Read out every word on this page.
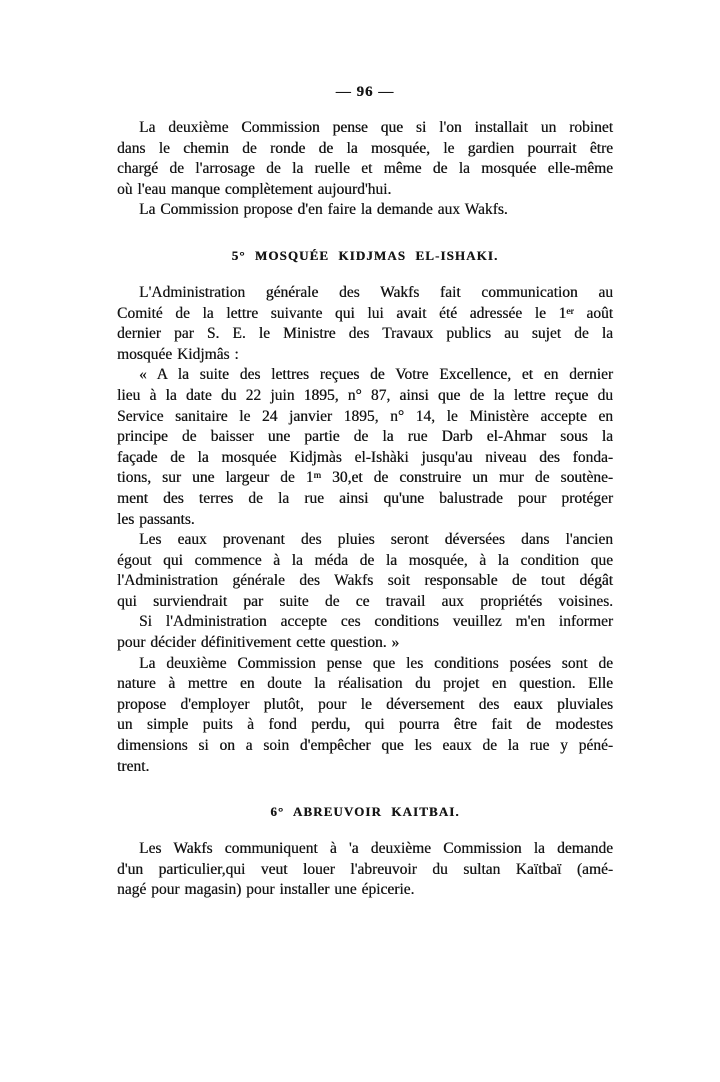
— 96 —
La deuxième Commission pense que si l'on installait un robinet
dans le chemin de ronde de la mosquée, le gardien pourrait être
chargé de l'arrosage de la ruelle et même de la mosquée elle-même
où l'eau manque complètement aujourd'hui.
La Commission propose d'en faire la demande aux Wakfs.
5° MOSQUÉE KIDJMAS EL-ISHAKI.
L'Administration générale des Wakfs fait communication au
Comité de la lettre suivante qui lui avait été adressée le 1er août
dernier par S. E. le Ministre des Travaux publics au sujet de la
mosquée Kidjmâs :
« A la suite des lettres reçues de Votre Excellence, et en dernier
lieu à la date du 22 juin 1895, n° 87, ainsi que de la lettre reçue du
Service sanitaire le 24 janvier 1895, n° 14, le Ministère accepte en
principe de baisser une partie de la rue Darb el-Ahmar sous la
façade de la mosquée Kidjmàs el-Ishàki jusqu'au niveau des fonda-
tions, sur une largeur de 1$^m$ 30,et de construire un mur de soutène-
ment des terres de la rue ainsi qu'une balustrade pour protéger
les passants.
Les eaux provenant des pluies seront déversées dans l'ancien
égout qui commence à la méda de la mosquée, à la condition que
l'Administration générale des Wakfs soit responsable de tout dégât
qui surviendrait par suite de ce travail aux propriétés voisines.
Si l'Administration accepte ces conditions veuillez m'en informer
pour décider définitivement cette question. »
La deuxième Commission pense que les conditions posées sont de
nature à mettre en doute la réalisation du projet en question. Elle
propose d'employer plutôt, pour le déversement des eaux pluviales
un simple puits à fond perdu, qui pourra être fait de modestes
dimensions si on a soin d'empêcher que les eaux de la rue y péné-
trent.
6° ABREUVOIR KAITBAI.
Les Wakfs communiquent à 'a deuxième Commission la demande
d'un particulier,qui veut louer l'abreuvoir du sultan Kaïtbaï (amé-
nagé pour magasin) pour installer une épicerie.
